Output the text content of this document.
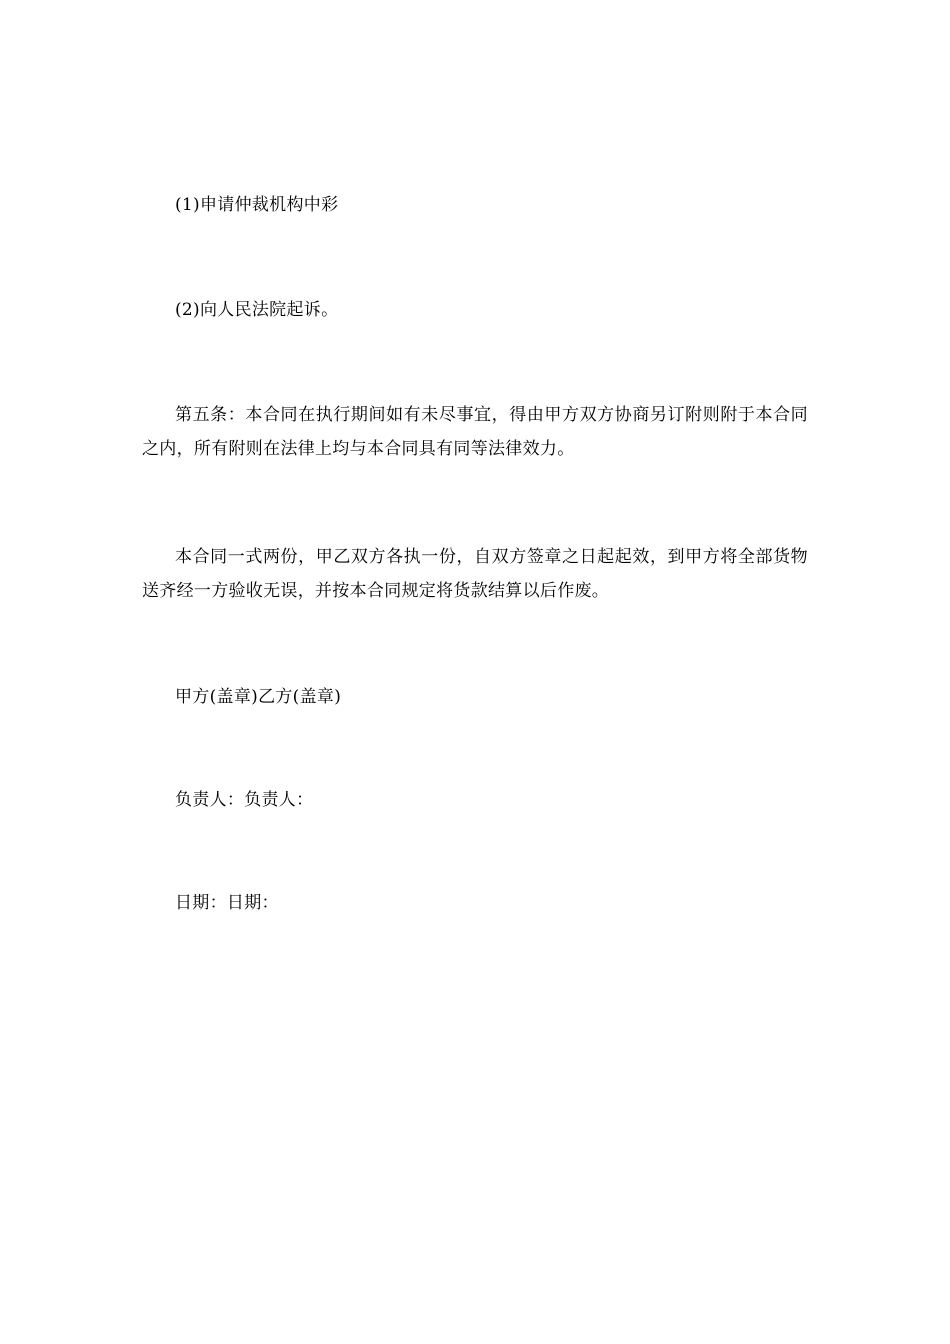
(1)申请仲裁机构中彩

(2)向人民法院起诉。

第五条：本合同在执行期间如有未尽事宜，得由甲方双方协商另订附则附于本合同之内，所有附则在法律上均与本合同具有同等法律效力。

本合同一式两份，甲乙双方各执一份，自双方签章之日起起效，到甲方将全部货物送齐经一方验收无误，并按本合同规定将货款结算以后作废。

甲方(盖章)乙方(盖章)

负责人：负责人：

日期：日期：
